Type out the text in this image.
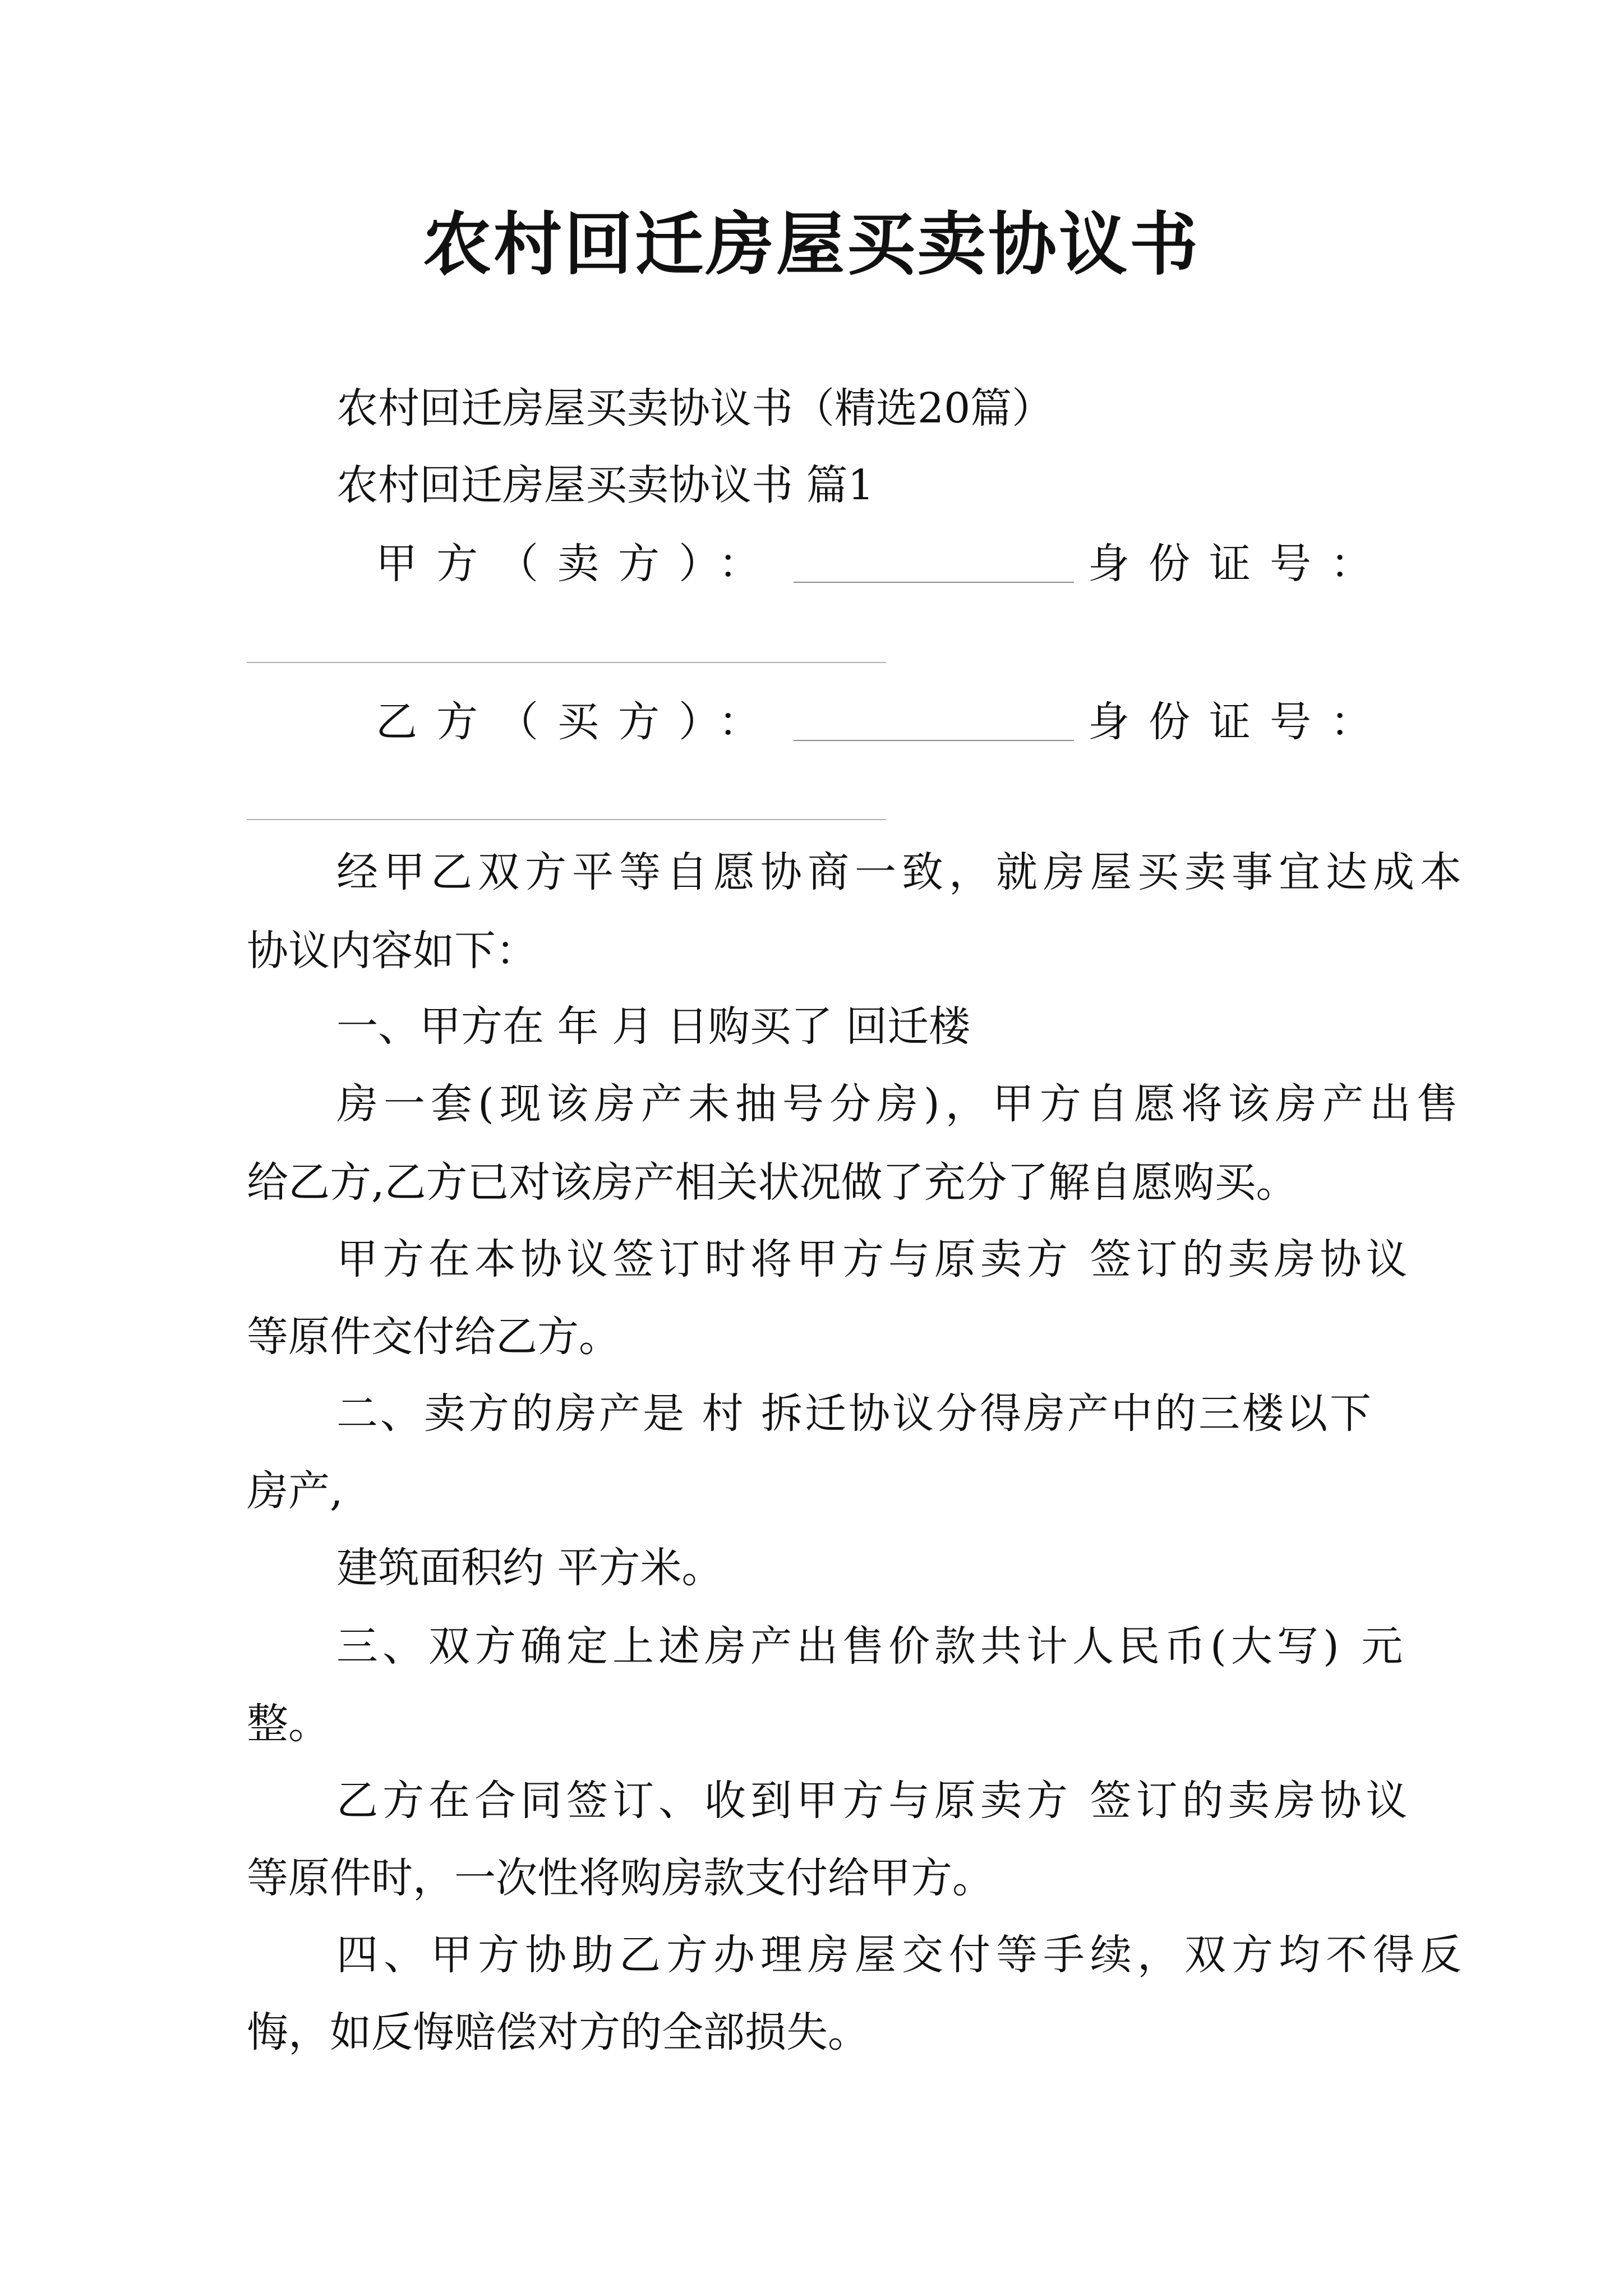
农村回迁房屋买卖协议书
农村回迁房屋买卖协议书（精选20篇）
农村回迁房屋买卖协议书 篇1
甲方（卖方）：	身份证号：
乙方（买方）：	身份证号：
经甲乙双方平等自愿协商一致，就房屋买卖事宜达成本
协议内容如下：
一、甲方在 年 月 日购买了 回迁楼
房一套(现该房产未抽号分房)，甲方自愿将该房产出售
给乙方,乙方已对该房产相关状况做了充分了解自愿购买。
甲方在本协议签订时将甲方与原卖方 签订的卖房协议
等原件交付给乙方。
二、卖方的房产是 村 拆迁协议分得房产中的三楼以下
房产,
建筑面积约 平方米。
三、双方确定上述房产出售价款共计人民币(大写) 元
整。
乙方在合同签订、收到甲方与原卖方 签订的卖房协议
等原件时，一次性将购房款支付给甲方。
四、甲方协助乙方办理房屋交付等手续，双方均不得反
悔，如反悔赔偿对方的全部损失。
